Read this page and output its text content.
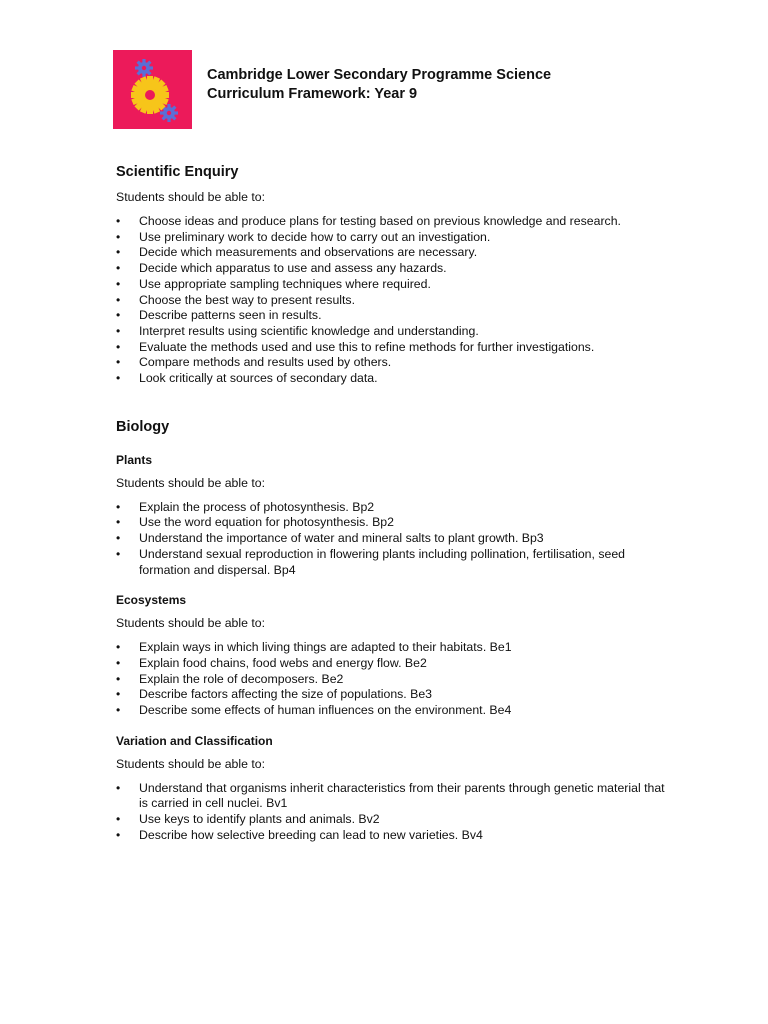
Cambridge Lower Secondary Programme Science
Curriculum Framework: Year 9
Scientific Enquiry

Students should be able to:

• Choose ideas and produce plans for testing based on previous knowledge and research.
• Use preliminary work to decide how to carry out an investigation.
• Decide which measurements and observations are necessary.
• Decide which apparatus to use and assess any hazards.
• Use appropriate sampling techniques where required.
• Choose the best way to present results.
• Describe patterns seen in results.
• Interpret results using scientific knowledge and understanding.
• Evaluate the methods used and use this to refine methods for further investigations.
• Compare methods and results used by others.
• Look critically at sources of secondary data.
Biology
Plants

Students should be able to:

• Explain the process of photosynthesis. Bp2
• Use the word equation for photosynthesis. Bp2
• Understand the importance of water and mineral salts to plant growth. Bp3
• Understand sexual reproduction in flowering plants including pollination, fertilisation, seed formation and dispersal. Bp4
Ecosystems

Students should be able to:

• Explain ways in which living things are adapted to their habitats. Be1
• Explain food chains, food webs and energy flow. Be2
• Explain the role of decomposers. Be2
• Describe factors affecting the size of populations. Be3
• Describe some effects of human influences on the environment. Be4
Variation and Classification

Students should be able to:

• Understand that organisms inherit characteristics from their parents through genetic material that is carried in cell nuclei. Bv1
• Use keys to identify plants and animals. Bv2
• Describe how selective breeding can lead to new varieties. Bv4
